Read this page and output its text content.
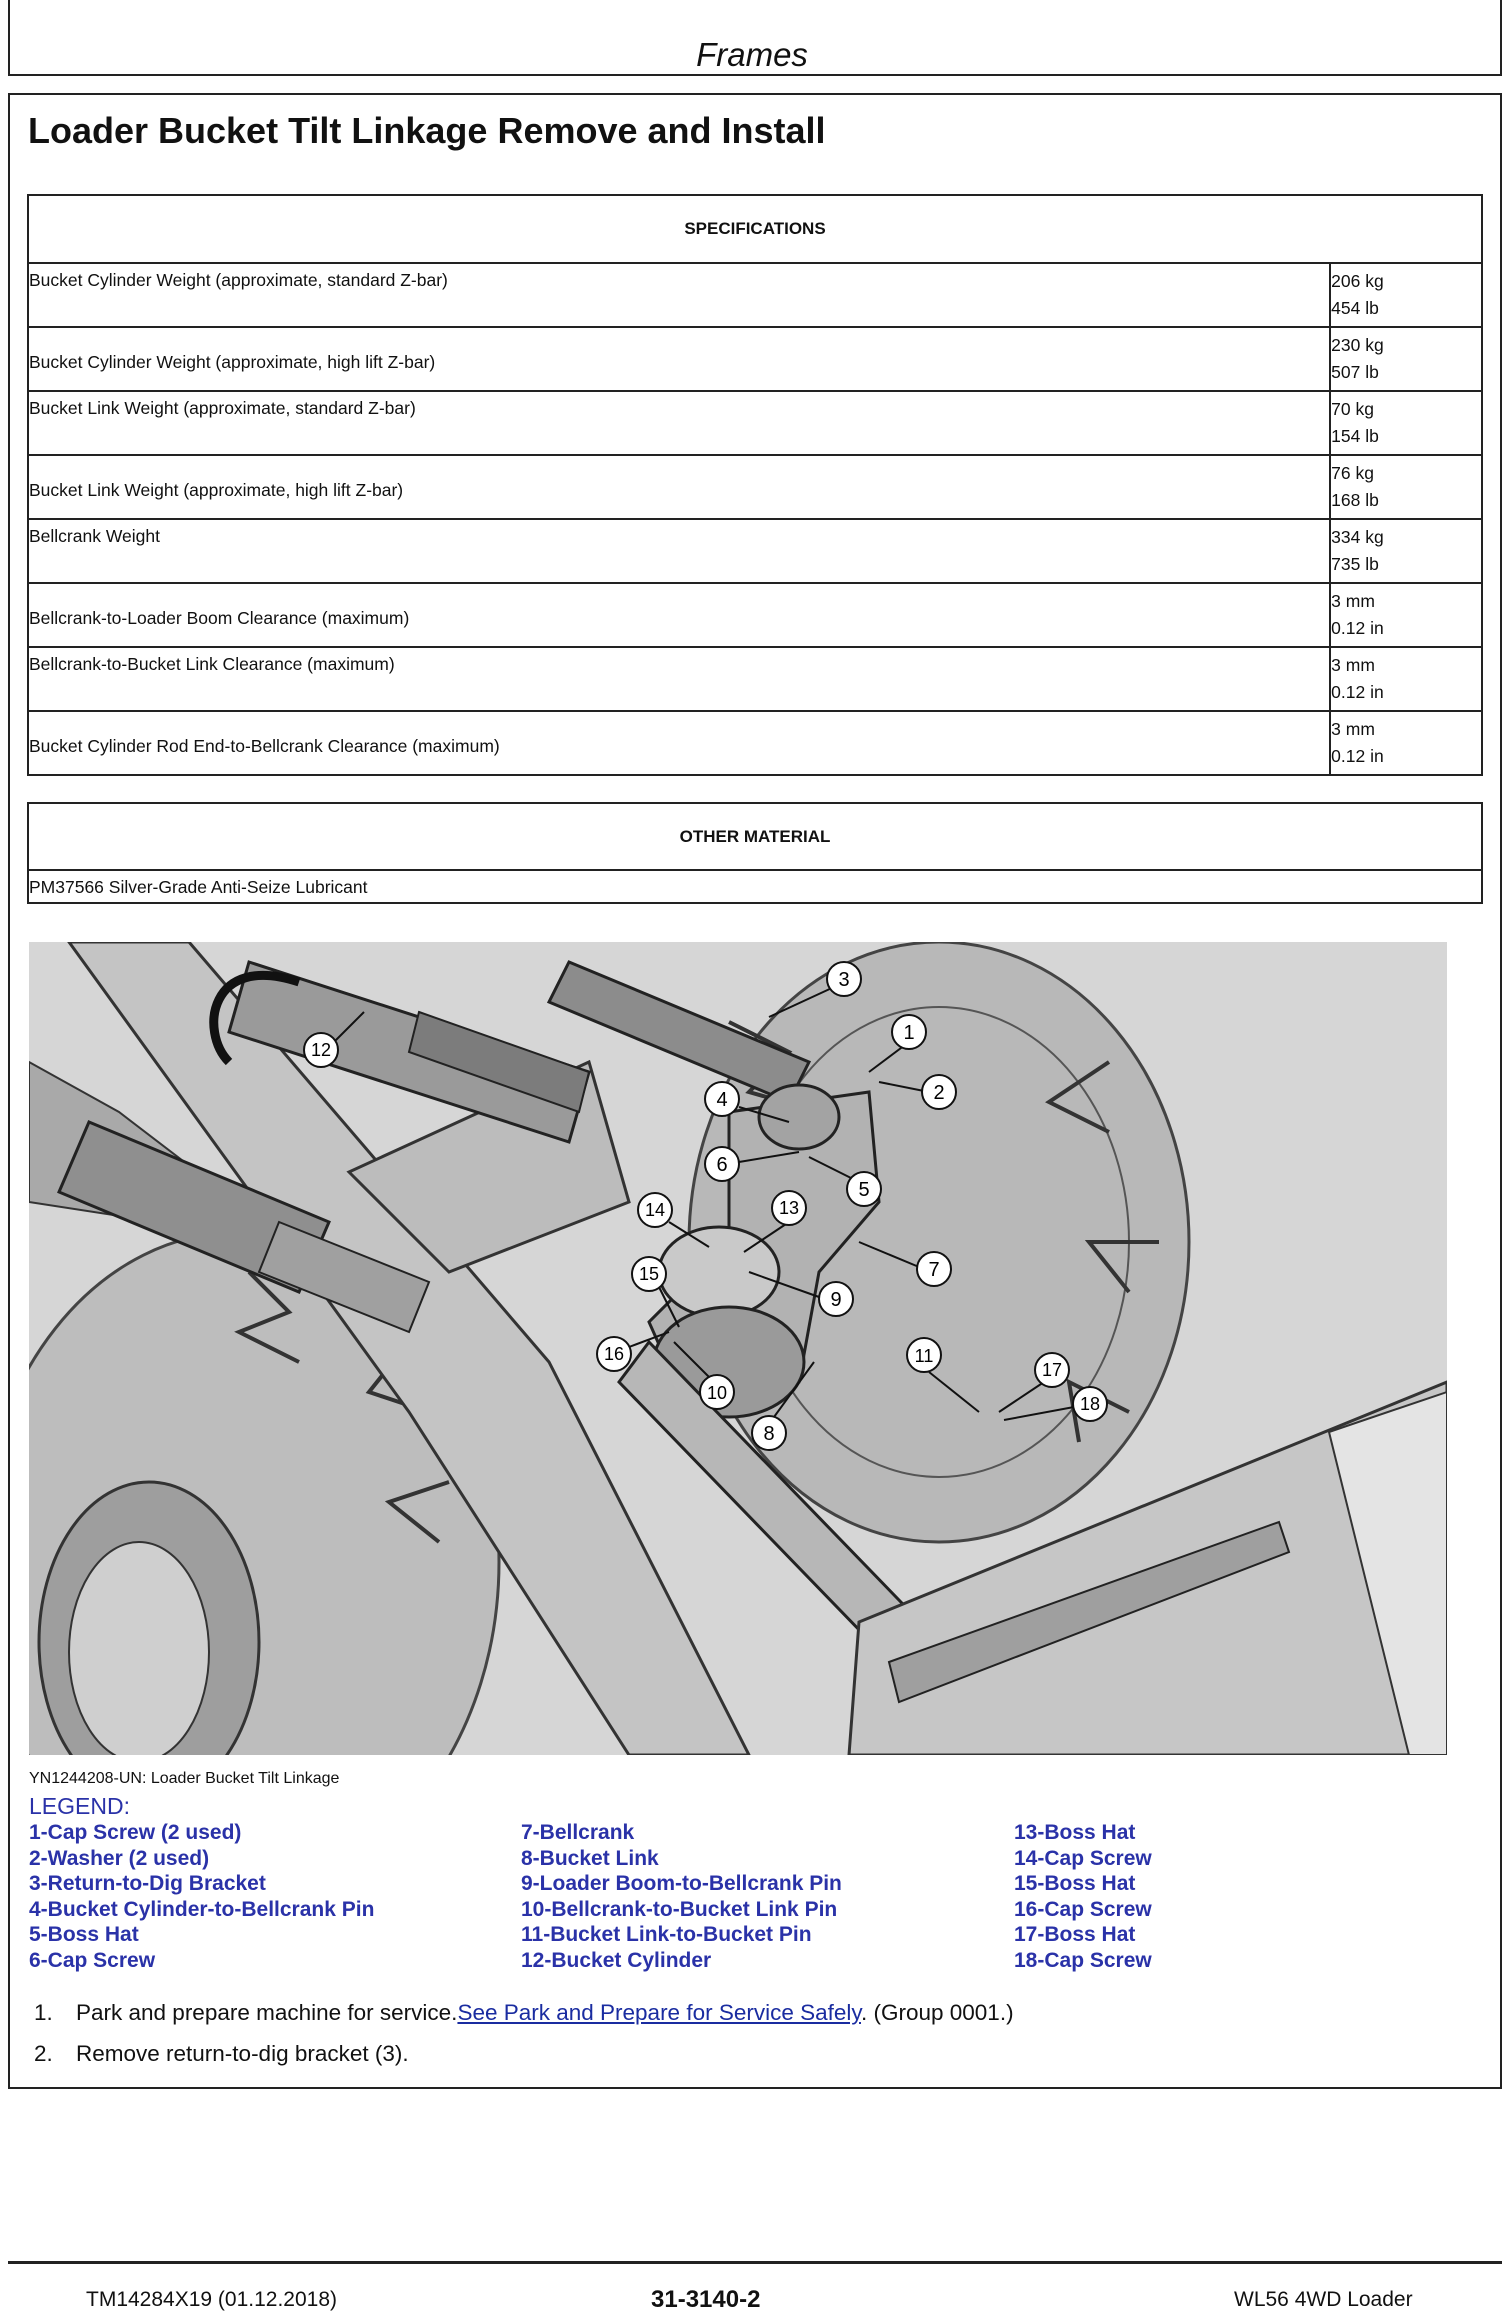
Frames
Loader Bucket Tilt Linkage Remove and Install
SPECIFICATIONS	
Bucket Cylinder Weight (approximate, standard Z-bar)	206 kg
454 lb

Bucket Cylinder Weight (approximate, high lift Z-bar)	230 kg
507 lb

Bucket Link Weight (approximate, standard Z-bar)	70 kg
154 lb

Bucket Link Weight (approximate, high lift Z-bar)	76 kg
168 lb

Bellcrank Weight	334 kg
735 lb

Bellcrank-to-Loader Boom Clearance (maximum)	3 mm
0.12 in

Bellcrank-to-Bucket Link Clearance (maximum)	3 mm
0.12 in

Bucket Cylinder Rod End-to-Bellcrank Clearance (maximum)	3 mm
0.12 in
OTHER MATERIAL
PM37566 Silver-Grade Anti-Seize Lubricant
1
2
3
4
5
6
7
8
9
10
11
12
13
14
15
16
17
18
YN1244208-UN: Loader Bucket Tilt Linkage
LEGEND:
1-Cap Screw (2 used)
2-Washer (2 used)
3-Return-to-Dig Bracket
4-Bucket Cylinder-to-Bellcrank Pin
5-Boss Hat
6-Cap Screw
7-Bellcrank
8-Bucket Link
9-Loader Boom-to-Bellcrank Pin
10-Bellcrank-to-Bucket Link Pin
11-Bucket Link-to-Bucket Pin
12-Bucket Cylinder
13-Boss Hat
14-Cap Screw
15-Boss Hat
16-Cap Screw
17-Boss Hat
18-Cap Screw
1. Park and prepare machine for service.See Park and Prepare for Service Safely. (Group 0001.)
2. Remove return-to-dig bracket (3).
TM14284X19 (01.12.2018)	31-3140-2	WL56 4WD Loader
